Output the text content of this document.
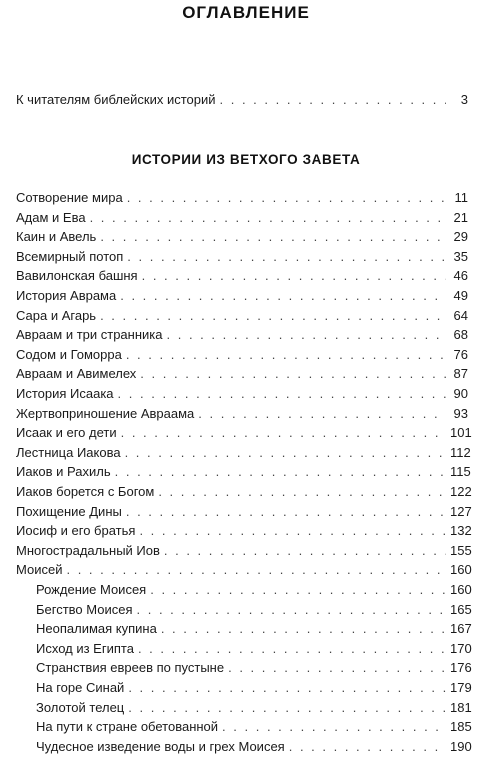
ОГЛАВЛЕНИЕ
К читателям библейских историй . . .	3
ИСТОРИИ ИЗ ВЕТХОГО ЗАВЕТА
Сотворение мира . . .	11
Адам и Ева . . .	21
Каин и Авель . . .	29
Всемирный потоп . . .	35
Вавилонская башня . . .	46
История Аврама . . .	49
Сара и Агарь . . .	64
Авраам и три странника . . .	68
Содом и Гоморра . . .	76
Авраам и Авимелех . . .	87
История Исаака . . .	90
Жертвоприношение Авраама . . .	93
Исаак и его дети . . .	101
Лестница Иакова . . .	112
Иаков и Рахиль . . .	115
Иаков борется с Богом . . .	122
Похищение Дины . . .	127
Иосиф и его братья . . .	132
Многострадальный Иов . . .	155
Моисей . . .	160
Рождение Моисея . . .	160
Бегство Моисея . . .	165
Неопалимая купина . . .	167
Исход из Египта . . .	170
Странствия евреев по пустыне . . .	176
На горе Синай . . .	179
Золотой телец . . .	181
На пути к стране обетованной . . .	185
Чудесное изведение воды и грех Моисея . . .	190
